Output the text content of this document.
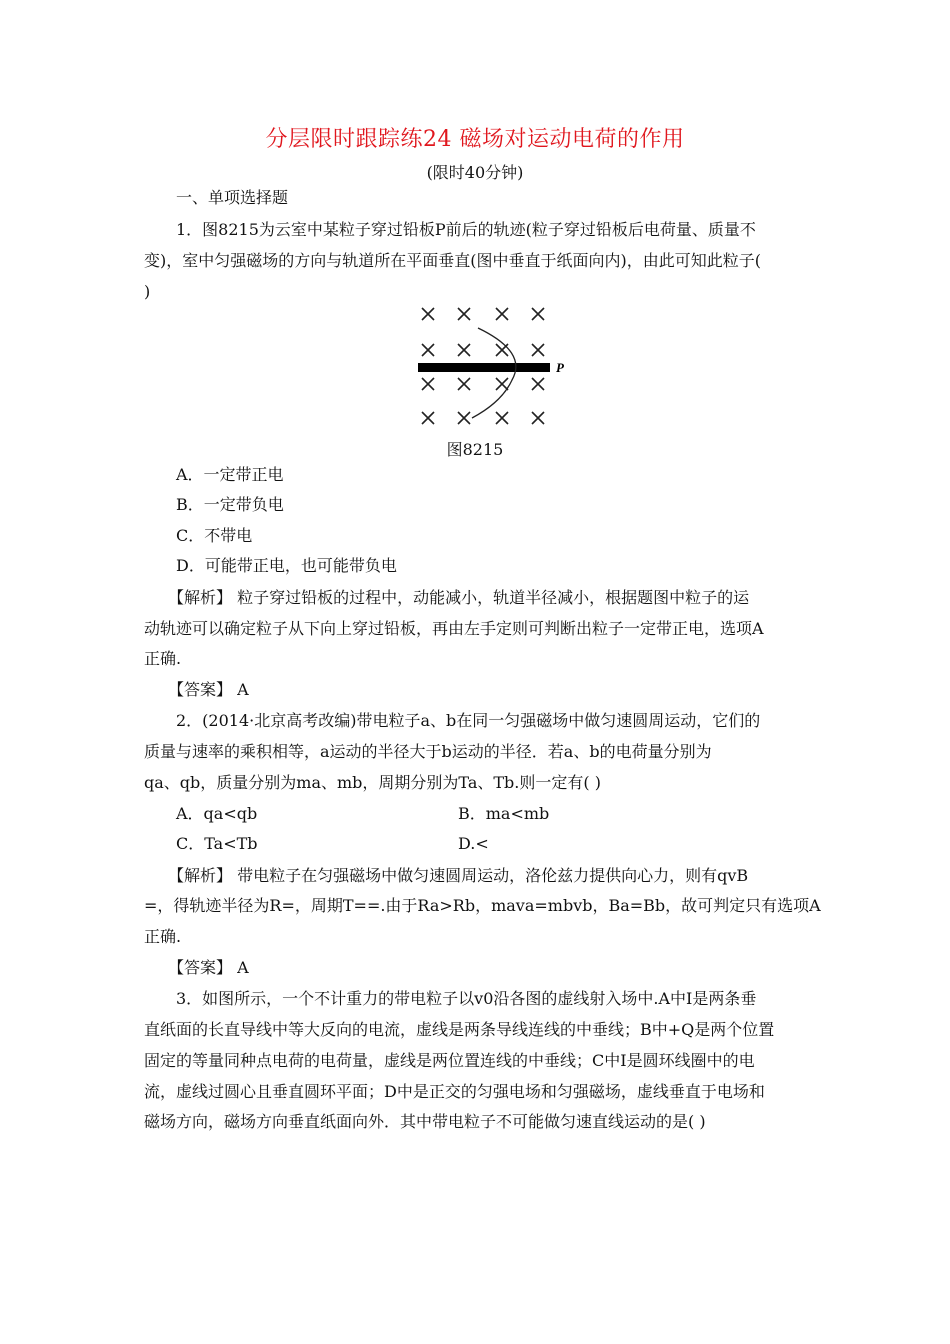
分层限时跟踪练24 磁场对运动电荷的作用
(限时40分钟)
一、单项选择题
1．图8215为云室中某粒子穿过铅板P前后的轨迹(粒子穿过铅板后电荷量、质量不
变)，室中匀强磁场的方向与轨道所在平面垂直(图中垂直于纸面向内)，由此可知此粒子(
)
P
图8215
A．一定带正电
B．一定带负电
C．不带电
D．可能带正电，也可能带负电
【解析】 粒子穿过铅板的过程中，动能减小，轨道半径减小，根据题图中粒子的运
动轨迹可以确定粒子从下向上穿过铅板，再由左手定则可判断出粒子一定带正电，选项A
正确.
【答案】 A
2．(2014·北京高考改编)带电粒子a、b在同一匀强磁场中做匀速圆周运动，它们的
质量与速率的乘积相等，a运动的半径大于b运动的半径．若a、b的电荷量分别为
qa、qb，质量分别为ma、mb，周期分别为Ta、Tb.则一定有( )
A．qa<qb	B．ma<mb
C．Ta<Tb	D.<
【解析】 带电粒子在匀强磁场中做匀速圆周运动，洛伦兹力提供向心力，则有qvB
=，得轨迹半径为R=，周期T==.由于Ra>Rb，mava=mbvb，Ba=Bb，故可判定只有选项A
正确.
【答案】 A
3．如图所示，一个不计重力的带电粒子以v0沿各图的虚线射入场中.A中I是两条垂
直纸面的长直导线中等大反向的电流，虚线是两条导线连线的中垂线；B中+Q是两个位置
固定的等量同种点电荷的电荷量，虚线是两位置连线的中垂线；C中I是圆环线圈中的电
流，虚线过圆心且垂直圆环平面；D中是正交的匀强电场和匀强磁场，虚线垂直于电场和
磁场方向，磁场方向垂直纸面向外．其中带电粒子不可能做匀速直线运动的是( )
